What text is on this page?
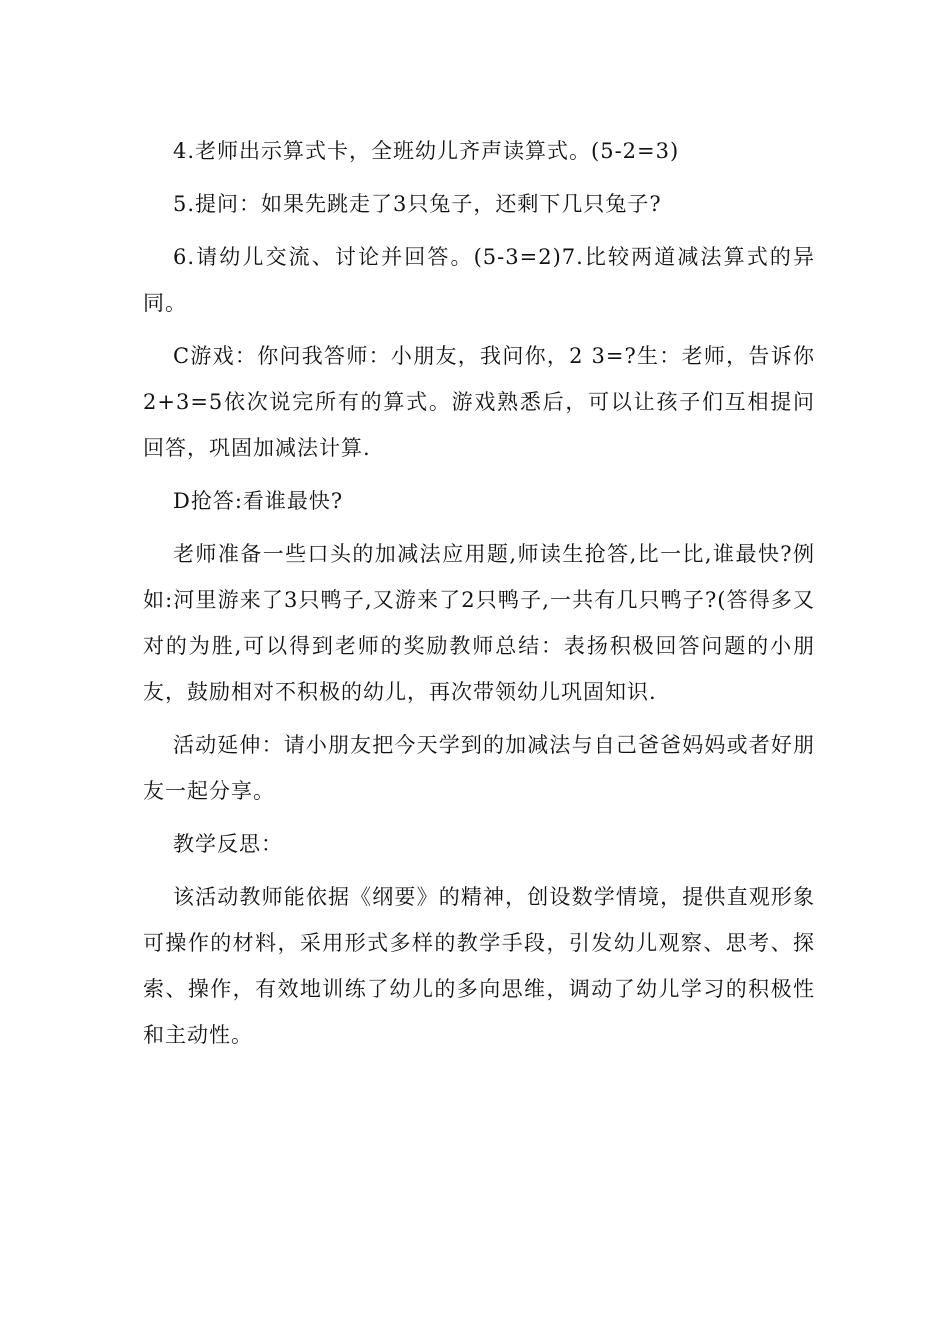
4.老师出示算式卡，全班幼儿齐声读算式。(5-2=3)

5.提问：如果先跳走了3只兔子，还剩下几只兔子?

6.请幼儿交流、讨论并回答。(5-3=2)7.比较两道减法算式的异同。

C游戏：你问我答师：小朋友，我问你，2 3=?生：老师，告诉你2+3=5依次说完所有的算式。游戏熟悉后，可以让孩子们互相提问回答，巩固加减法计算.

D抢答:看谁最快?

老师准备一些口头的加减法应用题,师读生抢答,比一比,谁最快?例如:河里游来了3只鸭子,又游来了2只鸭子,一共有几只鸭子?(答得多又对的为胜,可以得到老师的奖励教师总结：表扬积极回答问题的小朋友，鼓励相对不积极的幼儿，再次带领幼儿巩固知识.

活动延伸：请小朋友把今天学到的加减法与自己爸爸妈妈或者好朋友一起分享。

教学反思：

该活动教师能依据《纲要》的精神，创设数学情境，提供直观形象可操作的材料，采用形式多样的教学手段，引发幼儿观察、思考、探索、操作，有效地训练了幼儿的多向思维，调动了幼儿学习的积极性和主动性。
